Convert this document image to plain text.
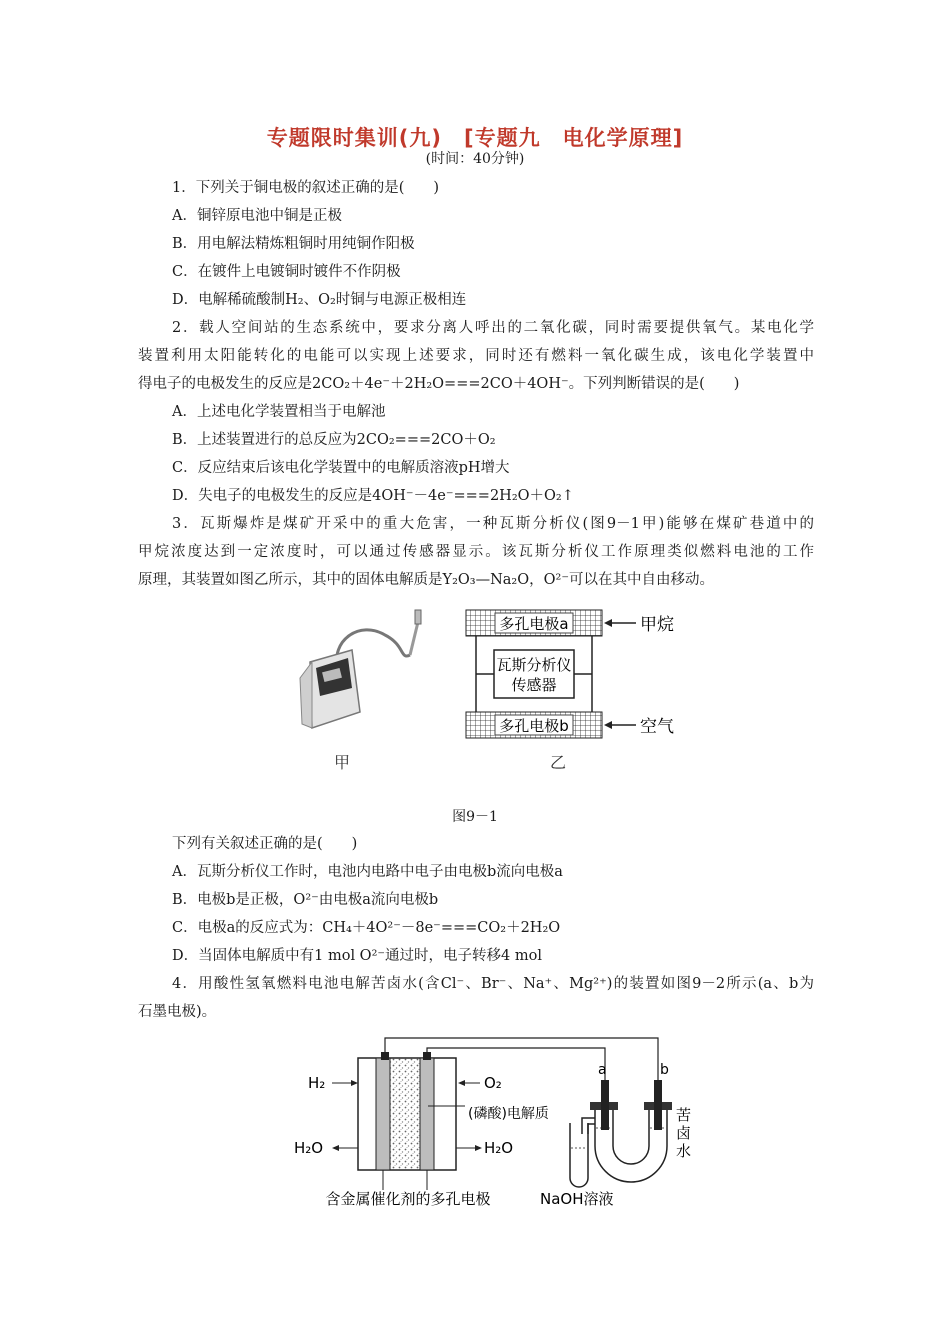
专题限时集训(九)　[专题九　电化学原理]
(时间：40分钟)
1．下列关于铜电极的叙述正确的是(　　)
A．铜锌原电池中铜是正极
B．用电解法精炼粗铜时用纯铜作阳极
C．在镀件上电镀铜时镀件不作阴极
D．电解稀硫酸制H₂、O₂时铜与电源正极相连
2．载人空间站的生态系统中，要求分离人呼出的二氧化碳，同时需要提供氧气。某电化学
装置利用太阳能转化的电能可以实现上述要求，同时还有燃料一氧化碳生成，该电化学装置中
得电子的电极发生的反应是2CO₂＋4e⁻＋2H₂O===2CO＋4OH⁻。下列判断错误的是(　　)
A．上述电化学装置相当于电解池
B．上述装置进行的总反应为2CO₂===2CO＋O₂
C．反应结束后该电化学装置中的电解质溶液pH增大
D．失电子的电极发生的反应是4OH⁻－4e⁻===2H₂O＋O₂↑
3．瓦斯爆炸是煤矿开采中的重大危害，一种瓦斯分析仪(图9－1甲)能够在煤矿巷道中的
甲烷浓度达到一定浓度时，可以通过传感器显示。该瓦斯分析仪工作原理类似燃料电池的工作
原理，其装置如图乙所示，其中的固体电解质是Y₂O₃—Na₂O，O²⁻可以在其中自由移动。
甲
多孔电极a
多孔电极b
瓦斯分析仪
传感器
甲烷
空气
乙
图9－1
下列有关叙述正确的是(　　)
A．瓦斯分析仪工作时，电池内电路中电子由电极b流向电极a
B．电极b是正极，O²⁻由电极a流向电极b
C．电极a的反应式为：CH₄＋4O²⁻－8e⁻===CO₂＋2H₂O
D．当固体电解质中有1 mol O²⁻通过时，电子转移4 mol
4．用酸性氢氧燃料电池电解苦卤水(含Cl⁻、Br⁻、Na⁺、Mg²⁺)的装置如图9－2所示(a、b为
石墨电极)。
H₂
H₂O
O₂
H₂O
(磷酸)电解质
含金属催化剂的多孔电极
a	b
苦
卤
水
NaOH溶液
